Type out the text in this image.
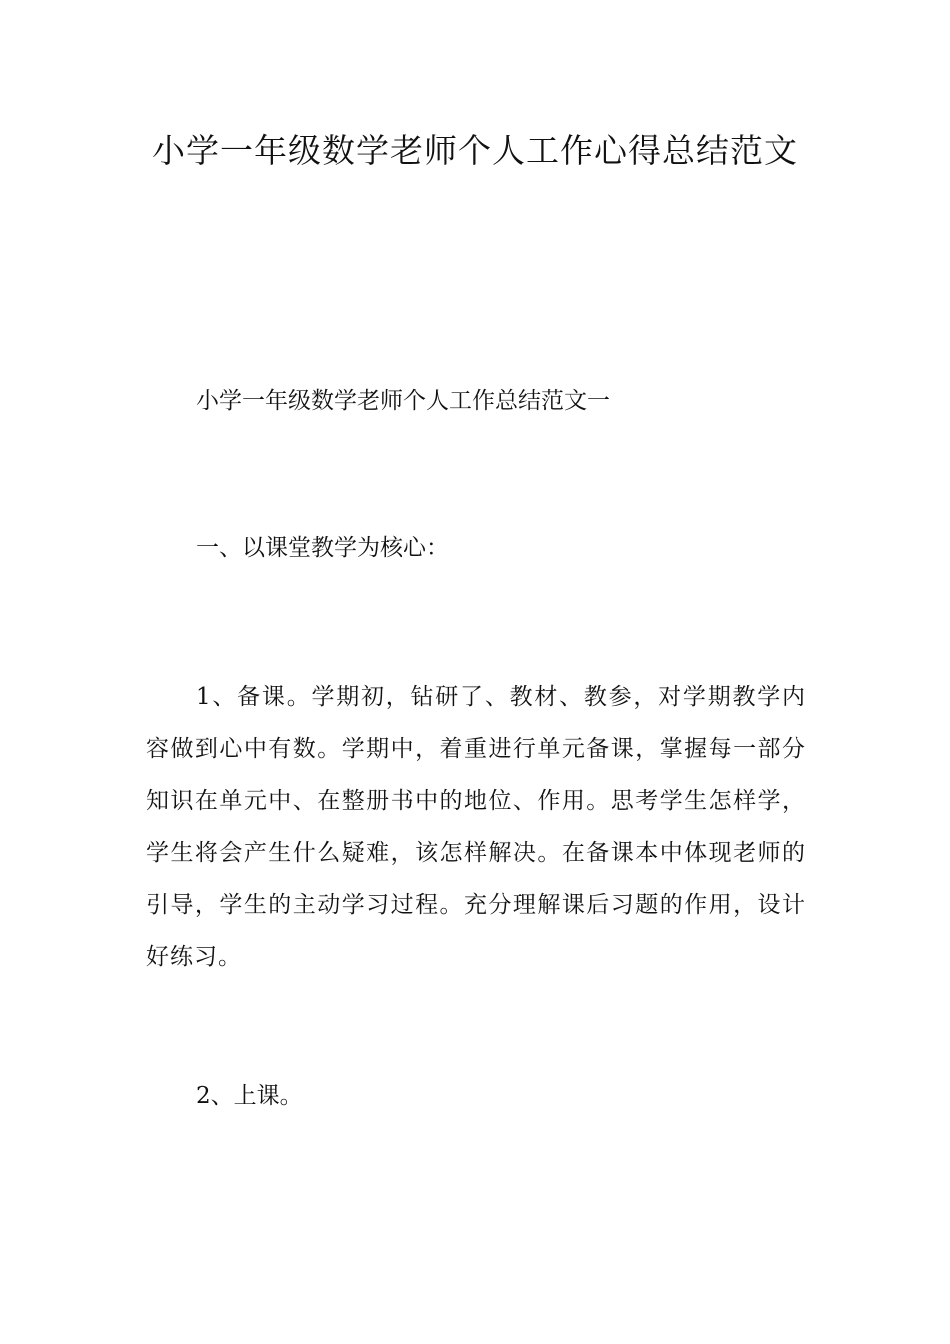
小学一年级数学老师个人工作心得总结范文

小学一年级数学老师个人工作总结范文一

一、以课堂教学为核心：

1、备课。学期初，钻研了、教材、教参，对学期教学内容做到心中有数。学期中，着重进行单元备课，掌握每一部分知识在单元中、在整册书中的地位、作用。思考学生怎样学，学生将会产生什么疑难，该怎样解决。在备课本中体现老师的引导，学生的主动学习过程。充分理解课后习题的作用，设计好练习。

2、上课。
